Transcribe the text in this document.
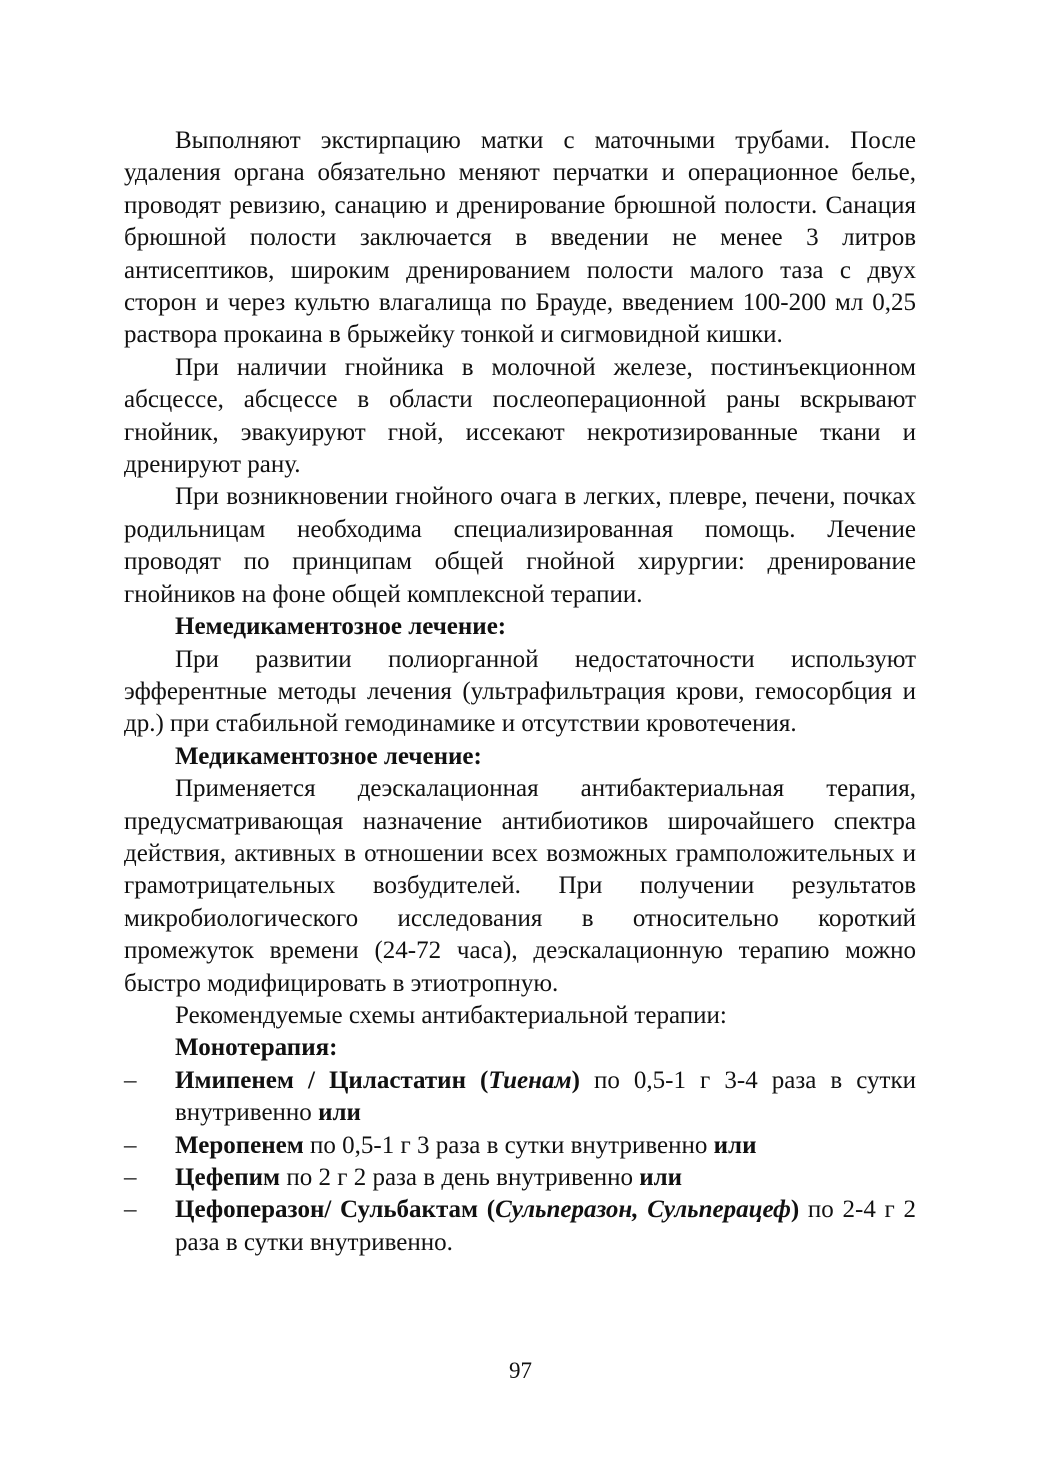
Выполняют экстирпацию матки с маточными трубами. После удаления органа обязательно меняют перчатки и операционное белье, проводят ревизию, санацию и дренирование брюшной полости. Санация брюшной полости заключается в введении не менее 3 литров антисептиков, широким дренированием полости малого таза с двух сторон и через культю влагалища по Брауде, введением 100-200 мл 0,25 раствора прокаина в брыжейку тонкой и сигмовидной кишки.

При наличии гнойника в молочной железе, постинъекционном абсцессе, абсцессе в области послеоперационной раны вскрывают гнойник, эвакуируют гной, иссекают некротизированные ткани и дренируют рану.

При возникновении гнойного очага в легких, плевре, печени, почках родильницам необходима специализированная помощь. Лечение проводят по принципам общей гнойной хирургии: дренирование гнойников на фоне общей комплексной терапии.

Немедикаментозное лечение:

При развитии полиорганной недостаточности используют эфферентные методы лечения (ультрафильтрация крови, гемосорбция и др.) при стабильной гемодинамике и отсутствии кровотечения.

Медикаментозное лечение:

Применяется деэскалационная антибактериальная терапия, предусматривающая назначение антибиотиков широчайшего спектра действия, активных в отношении всех возможных грамположительных и грамотрицательных возбудителей. При получении результатов микробиологического исследования в относительно короткий промежуток времени (24-72 часа), деэскалационную терапию можно быстро модифицировать в этиотропную.

Рекомендуемые схемы антибактериальной терапии:

Монотерапия:

–	Имипенем / Циластатин (Тиенам) по 0,5-1 г 3-4 раза в сутки внутривенно или
–	Меропенем по 0,5-1 г 3 раза в сутки внутривенно или
–	Цефепим по 2 г 2 раза в день внутривенно или
–	Цефоперазон/ Сульбактам (Сульперазон, Сульперацеф) по 2-4 г 2 раза в сутки внутривенно.
97
